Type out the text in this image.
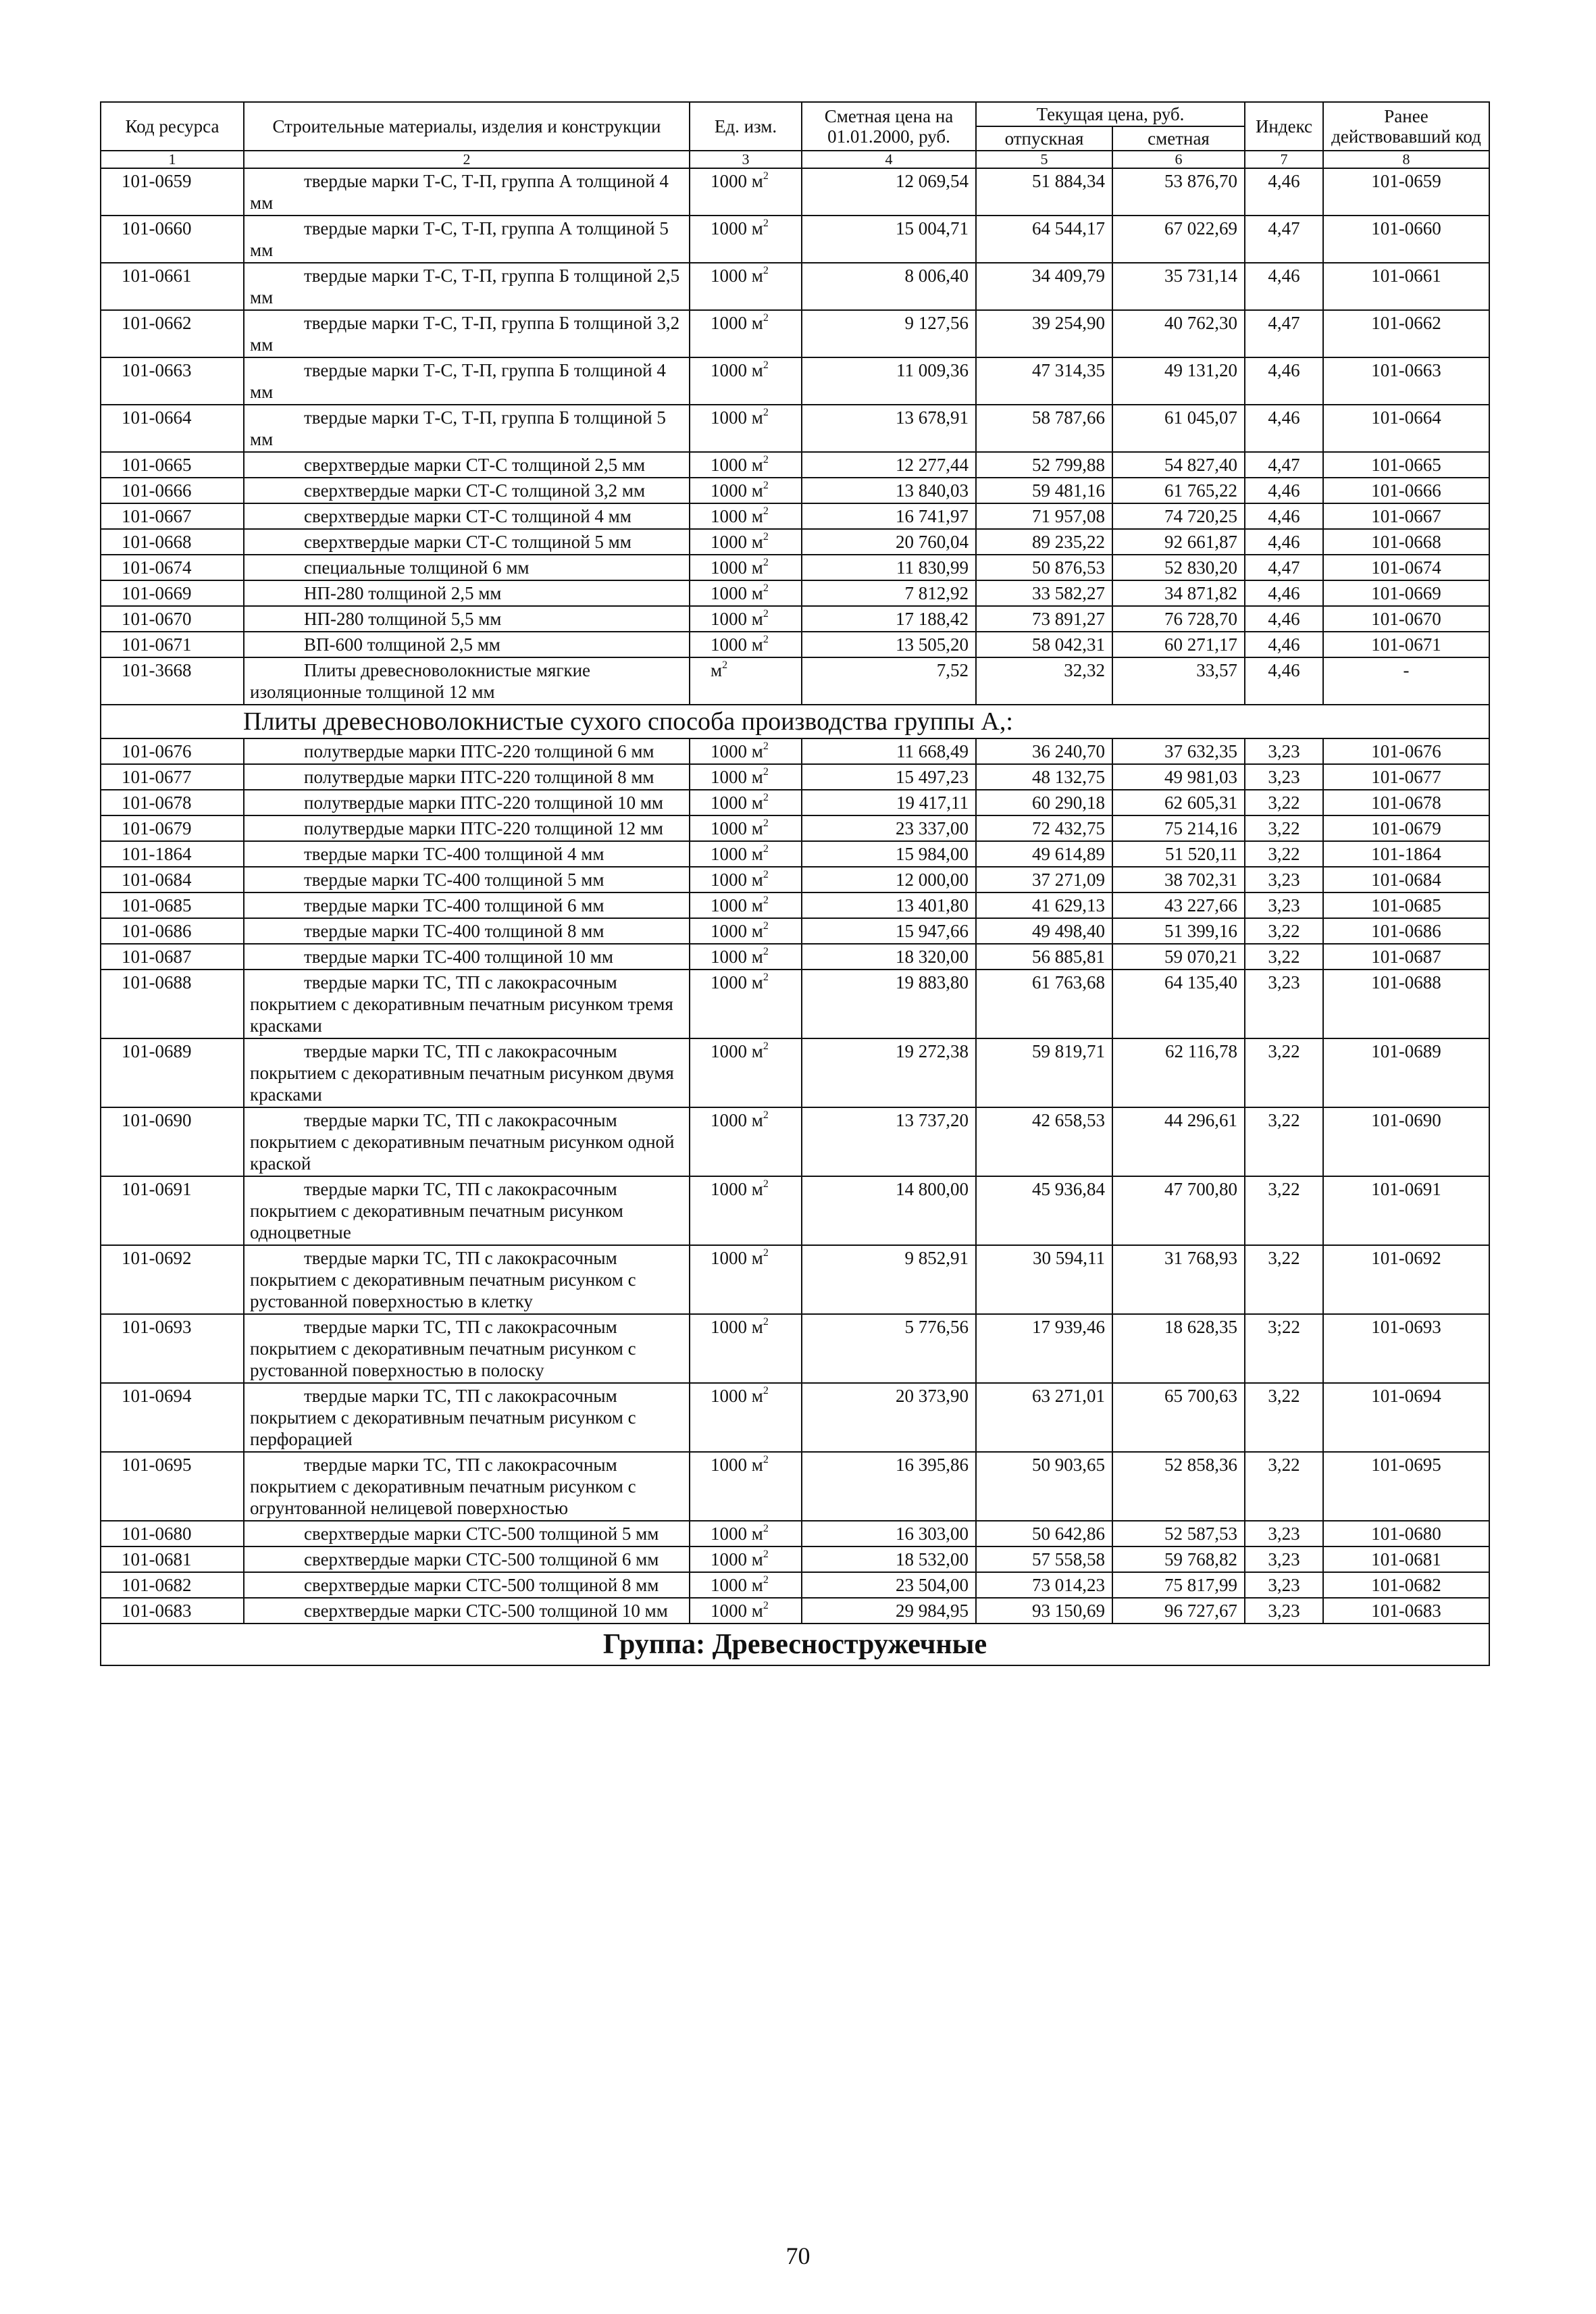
Код ресурса	Строительные материалы, изделия и конструкции	Ед. изм.	Сметная цена на 01.01.2000, руб.	Текущая цена, руб.		Индекс	Ранее действовавший код
				отпускная	сметная		
1	2	3	4	5	6	7	8
101-0659	твердые марки Т-С, Т-П, группа А толщиной 4 мм	1000 $м^2$	12 069,54	51 884,34	53 876,70	4,46	101-0659
101-0660	твердые марки Т-С, Т-П, группа А толщиной 5 мм	1000 $м^2$	15 004,71	64 544,17	67 022,69	4,47	101-0660
101-0661	твердые марки Т-С, Т-П, группа Б толщиной 2,5 мм	1000 $м^2$	8 006,40	34 409,79	35 731,14	4,46	101-0661
101-0662	твердые марки Т-С, Т-П, группа Б толщиной 3,2 мм	1000 $м^2$	9 127,56	39 254,90	40 762,30	4,47	101-0662
101-0663	твердые марки Т-С, Т-П, группа Б толщиной 4 мм	1000 $м^2$	11 009,36	47 314,35	49 131,20	4,46	101-0663
101-0664	твердые марки Т-С, Т-П, группа Б толщиной 5 мм	1000 $м^2$	13 678,91	58 787,66	61 045,07	4,46	101-0664
101-0665	сверхтвердые марки СТ-С толщиной 2,5 мм	1000 $м^2$	12 277,44	52 799,88	54 827,40	4,47	101-0665
101-0666	сверхтвердые марки СТ-С толщиной 3,2 мм	1000 $м^2$	13 840,03	59 481,16	61 765,22	4,46	101-0666
101-0667	сверхтвердые марки СТ-С толщиной 4 мм	1000 $м^2$	16 741,97	71 957,08	74 720,25	4,46	101-0667
101-0668	сверхтвердые марки СТ-С толщиной 5 мм	1000 $м^2$	20 760,04	89 235,22	92 661,87	4,46	101-0668
101-0674	специальные толщиной 6 мм	1000 $м^2$	11 830,99	50 876,53	52 830,20	4,47	101-0674
101-0669	НП-280 толщиной 2,5 мм	1000 $м^2$	7 812,92	33 582,27	34 871,82	4,46	101-0669
101-0670	НП-280 толщиной 5,5 мм	1000 $м^2$	17 188,42	73 891,27	76 728,70	4,46	101-0670
101-0671	ВП-600 толщиной 2,5 мм	1000 $м^2$	13 505,20	58 042,31	60 271,17	4,46	101-0671
101-3668	Плиты древесноволокнистые мягкие изоляционные толщиной 12 мм	$м^2$	7,52	32,32	33,57	4,46	-
Плиты древесноволокнистые сухого способа производства группы А,:							
101-0676	полутвердые марки ПТС-220 толщиной 6 мм	1000 $м^2$	11 668,49	36 240,70	37 632,35	3,23	101-0676
101-0677	полутвердые марки ПТС-220 толщиной 8 мм	1000 $м^2$	15 497,23	48 132,75	49 981,03	3,23	101-0677
101-0678	полутвердые марки ПТС-220 толщиной 10 мм	1000 $м^2$	19 417,11	60 290,18	62 605,31	3,22	101-0678
101-0679	полутвердые марки ПТС-220 толщиной 12 мм	1000 $м^2$	23 337,00	72 432,75	75 214,16	3,22	101-0679
101-1864	твердые марки ТС-400 толщиной 4 мм	1000 $м^2$	15 984,00	49 614,89	51 520,11	3,22	101-1864
101-0684	твердые марки ТС-400 толщиной 5 мм	1000 $м^2$	12 000,00	37 271,09	38 702,31	3,23	101-0684
101-0685	твердые марки ТС-400 толщиной 6 мм	1000 $м^2$	13 401,80	41 629,13	43 227,66	3,23	101-0685
101-0686	твердые марки ТС-400 толщиной 8 мм	1000 $м^2$	15 947,66	49 498,40	51 399,16	3,22	101-0686
101-0687	твердые марки ТС-400 толщиной 10 мм	1000 $м^2$	18 320,00	56 885,81	59 070,21	3,22	101-0687
101-0688	твердые марки ТС, ТП с лакокрасочным покрытием с декоративным печатным рисунком тремя красками	1000 $м^2$	19 883,80	61 763,68	64 135,40	3,23	101-0688
101-0689	твердые марки ТС, ТП с лакокрасочным покрытием с декоративным печатным рисунком двумя красками	1000 $м^2$	19 272,38	59 819,71	62 116,78	3,22	101-0689
101-0690	твердые марки ТС, ТП с лакокрасочным покрытием с декоративным печатным рисунком одной краской	1000 $м^2$	13 737,20	42 658,53	44 296,61	3,22	101-0690
101-0691	твердые марки ТС, ТП с лакокрасочным покрытием с декоративным печатным рисунком одноцветные	1000 $м^2$	14 800,00	45 936,84	47 700,80	3,22	101-0691
101-0692	твердые марки ТС, ТП с лакокрасочным покрытием с декоративным печатным рисунком с рустованной поверхностью в клетку	1000 $м^2$	9 852,91	30 594,11	31 768,93	3,22	101-0692
101-0693	твердые марки ТС, ТП с лакокрасочным покрытием с декоративным печатным рисунком с рустованной поверхностью в полоску	1000 $м^2$	5 776,56	17 939,46	18 628,35	3;22	101-0693
101-0694	твердые марки ТС, ТП с лакокрасочным покрытием с декоративным печатным рисунком с перфорацией	1000 $м^2$	20 373,90	63 271,01	65 700,63	3,22	101-0694
101-0695	твердые марки ТС, ТП с лакокрасочным покрытием с декоративным печатным рисунком с огрунтованной нелицевой поверхностью	1000 $м^2$	16 395,86	50 903,65	52 858,36	3,22	101-0695
101-0680	сверхтвердые марки СТС-500 толщиной 5 мм	1000 $м^2$	16 303,00	50 642,86	52 587,53	3,23	101-0680
101-0681	сверхтвердые марки СТС-500 толщиной 6 мм	1000 $м^2$	18 532,00	57 558,58	59 768,82	3,23	101-0681
101-0682	сверхтвердые марки СТС-500 толщиной 8 мм	1000 $м^2$	23 504,00	73 014,23	75 817,99	3,23	101-0682
101-0683	сверхтвердые марки СТС-500 толщиной 10 мм	1000 $м^2$	29 984,95	93 150,69	96 727,67	3,23	101-0683
Группа: Древесностружечные							
70
